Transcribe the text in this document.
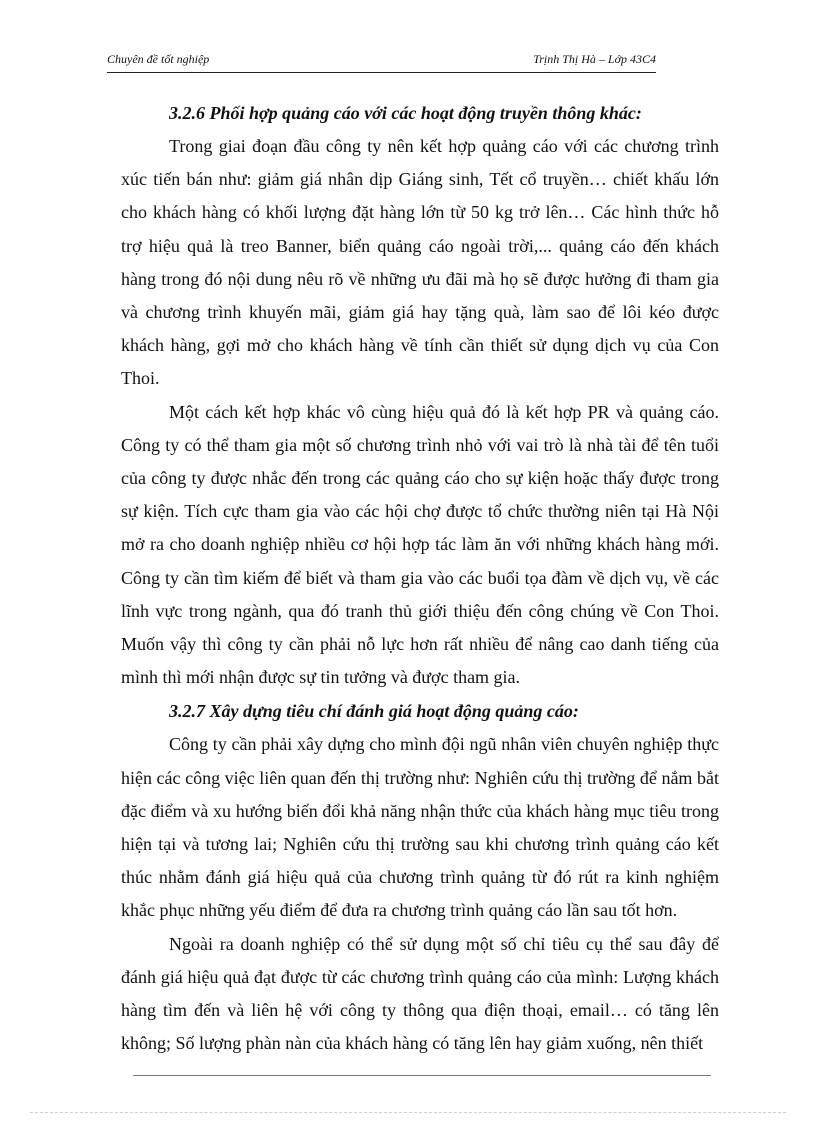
Chuyên đề tốt nghiệp	Trịnh Thị Hà – Lớp 43C4

3.2.6 Phối hợp quảng cáo với các hoạt động truyền thông khác:

Trong giai đoạn đầu công ty nên kết hợp quảng cáo với các chương trình xúc tiến bán như: giảm giá nhân dịp Giáng sinh, Tết cổ truyền… chiết khấu lớn cho khách hàng có khối lượng đặt hàng lớn từ 50 kg trở lên… Các hình thức hỗ trợ hiệu quả là treo Banner, biển quảng cáo ngoài trời,... quảng cáo đến khách hàng trong đó nội dung nêu rõ về những ưu đãi mà họ sẽ được hưởng đi tham gia và chương trình khuyến mãi, giảm giá hay tặng quà, làm sao để lôi kéo được khách hàng, gợi mở cho khách hàng về tính cần thiết sử dụng dịch vụ của Con Thoi.

Một cách kết hợp khác vô cùng hiệu quả đó là kết hợp PR và quảng cáo. Công ty có thể tham gia một số chương trình nhỏ với vai trò là nhà tài để tên tuổi của công ty được nhắc đến trong các quảng cáo cho sự kiện hoặc thấy được trong sự kiện. Tích cực tham gia vào các hội chợ được tổ chức thường niên tại Hà Nội mở ra cho doanh nghiệp nhiều cơ hội hợp tác làm ăn với những khách hàng mới. Công ty cần tìm kiếm để biết và tham gia vào các buổi tọa đàm về dịch vụ, về các lĩnh vực trong ngành, qua đó tranh thủ giới thiệu đến công chúng về Con Thoi. Muốn vậy thì công ty cần phải nỗ lực hơn rất nhiều để nâng cao danh tiếng của mình thì mới nhận được sự tin tưởng và được tham gia.

3.2.7 Xây dựng tiêu chí đánh giá hoạt động quảng cáo:

Công ty cần phải xây dựng cho mình đội ngũ nhân viên chuyên nghiệp thực hiện các công việc liên quan đến thị trường như: Nghiên cứu thị trường để nắm bắt đặc điểm và xu hướng biến đổi khả năng nhận thức của khách hàng mục tiêu trong hiện tại và tương lai; Nghiên cứu thị trường sau khi chương trình quảng cáo kết thúc nhằm đánh giá hiệu quả của chương trình quảng từ đó rút ra kinh nghiệm khắc phục những yếu điểm để đưa ra chương trình quảng cáo lần sau tốt hơn.

Ngoài ra doanh nghiệp có thể sử dụng một số chỉ tiêu cụ thể sau đây để đánh giá hiệu quả đạt được từ các chương trình quảng cáo của mình: Lượng khách hàng tìm đến và liên hệ với công ty thông qua điện thoại, email… có tăng lên không; Số lượng phàn nàn của khách hàng có tăng lên hay giảm xuống, nên thiết
